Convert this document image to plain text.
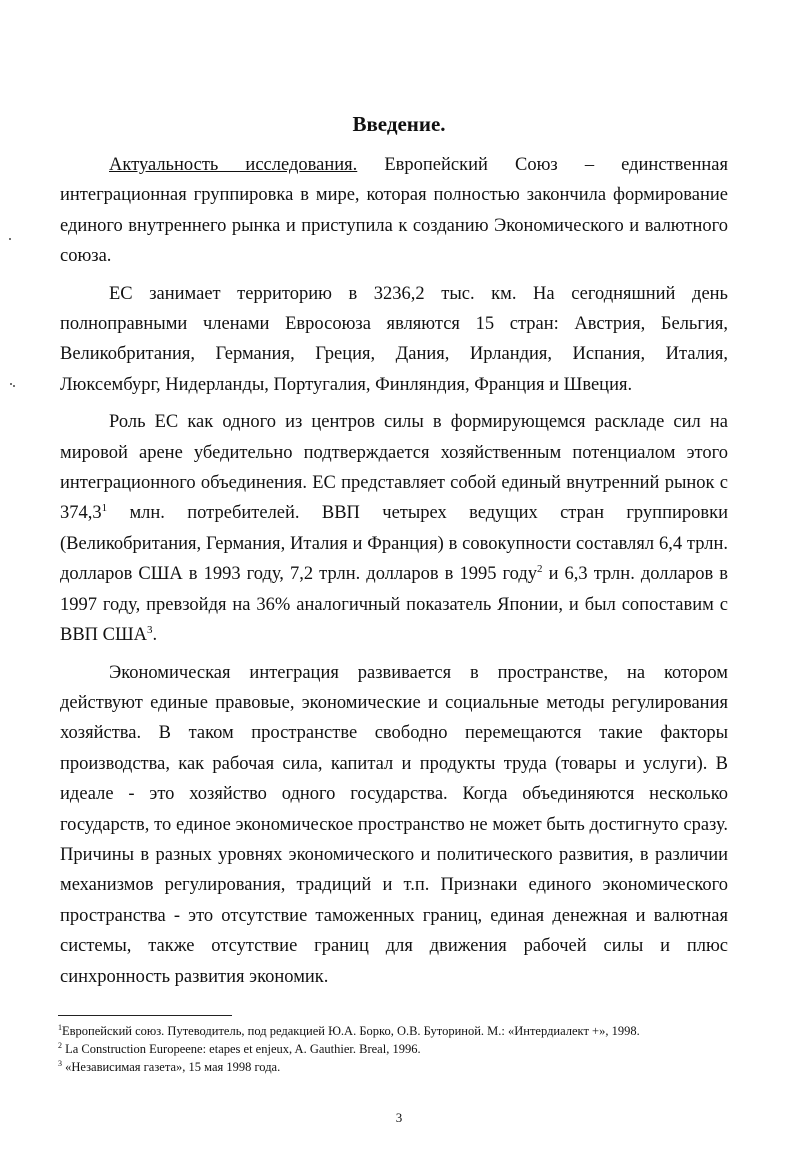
Введение.

Актуальность исследования. Европейский Союз – единственная интеграционная группировка в мире, которая полностью закончила формирование единого внутреннего рынка и приступила к созданию Экономического и валютного союза.

ЕС занимает территорию в 3236,2 тыс. км. На сегодняшний день полноправными членами Евросоюза являются 15 стран: Австрия, Бельгия, Великобритания, Германия, Греция, Дания, Ирландия, Испания, Италия, Люксембург, Нидерланды, Португалия, Финляндия, Франция и Швеция.

Роль ЕС как одного из центров силы в формирующемся раскладе сил на мировой арене убедительно подтверждается хозяйственным потенциалом этого интеграционного объединения. ЕС представляет собой единый внутренний рынок с 374,3$^1$ млн. потребителей. ВВП четырех ведущих стран группировки (Великобритания, Германия, Италия и Франция) в совокупности составлял 6,4 трлн. долларов США в 1993 году, 7,2 трлн. долларов в 1995 году$^2$ и 6,3 трлн. долларов в 1997 году, превзойдя на 36% аналогичный показатель Японии, и был сопоставим с ВВП США$^3$.

Экономическая интеграция развивается в пространстве, на котором действуют единые правовые, экономические и социальные методы регулирования хозяйства. В таком пространстве свободно перемещаются такие факторы производства, как рабочая сила, капитал и продукты труда (товары и услуги). В идеале - это хозяйство одного государства. Когда объединяются несколько государств, то единое экономическое пространство не может быть достигнуто сразу. Причины в разных уровнях экономического и политического развития, в различии механизмов регулирования, традиций и т.п. Признаки единого экономического пространства - это отсутствие таможенных границ, единая денежная и валютная системы, также отсутствие границ для движения рабочей силы и плюс синхронность развития экономик.

$^1$Европейский союз. Путеводитель, под редакцией Ю.А. Борко, О.В. Буториной. М.: «Интердиалект +», 1998.
$^2$ La Construction Europeene: etapes et enjeux, A. Gauthier. Breal, 1996.
$^3$ «Независимая газета», 15 мая 1998 года.
3
